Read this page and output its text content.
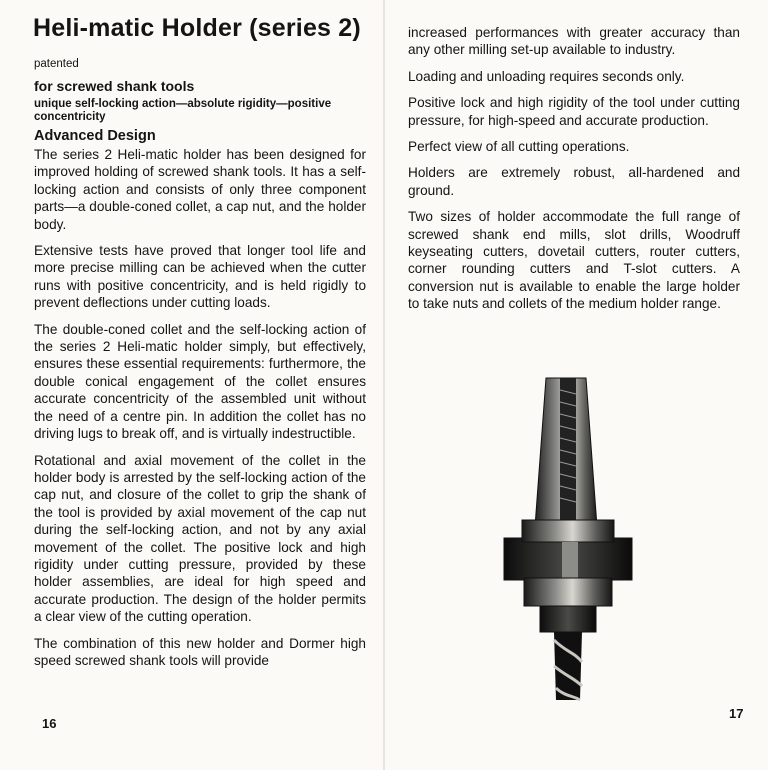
Heli-matic Holder (series 2)
patented
for screwed shank tools
unique self-locking action—absolute rigidity—positive concentricity
Advanced Design

The series 2 Heli-matic holder has been designed for improved holding of screwed shank tools. It has a self-locking action and consists of only three component parts—a double-coned collet, a cap nut, and the holder body.

Extensive tests have proved that longer tool life and more precise milling can be achieved when the cutter runs with positive concentricity, and is held rigidly to prevent deflections under cutting loads.

The double-coned collet and the self-locking action of the series 2 Heli-matic holder simply, but effectively, ensures these essential requirements: furthermore, the double conical engagement of the collet ensures accurate concentricity of the assembled unit without the need of a centre pin. In addition the collet has no driving lugs to break off, and is virtually indestructible.

Rotational and axial movement of the collet in the holder body is arrested by the self-locking action of the cap nut, and closure of the collet to grip the shank of the tool is provided by axial movement of the cap nut during the self-locking action, and not by any axial movement of the collet. The positive lock and high rigidity under cutting pressure, provided by these holder assemblies, are ideal for high speed and accurate production. The design of the holder permits a clear view of the cutting operation.

The combination of this new holder and Dormer high speed screwed shank tools will provide

16

increased performances with greater accuracy than any other milling set-up available to industry.

Loading and unloading requires seconds only.

Positive lock and high rigidity of the tool under cutting pressure, for high-speed and accurate production.

Perfect view of all cutting operations.

Holders are extremely robust, all-hardened and ground.

Two sizes of holder accommodate the full range of screwed shank end mills, slot drills, Woodruff keyseating cutters, dovetail cutters, router cutters, corner rounding cutters and T-slot cutters. A conversion nut is available to enable the large holder to take nuts and collets of the medium holder range.

17
